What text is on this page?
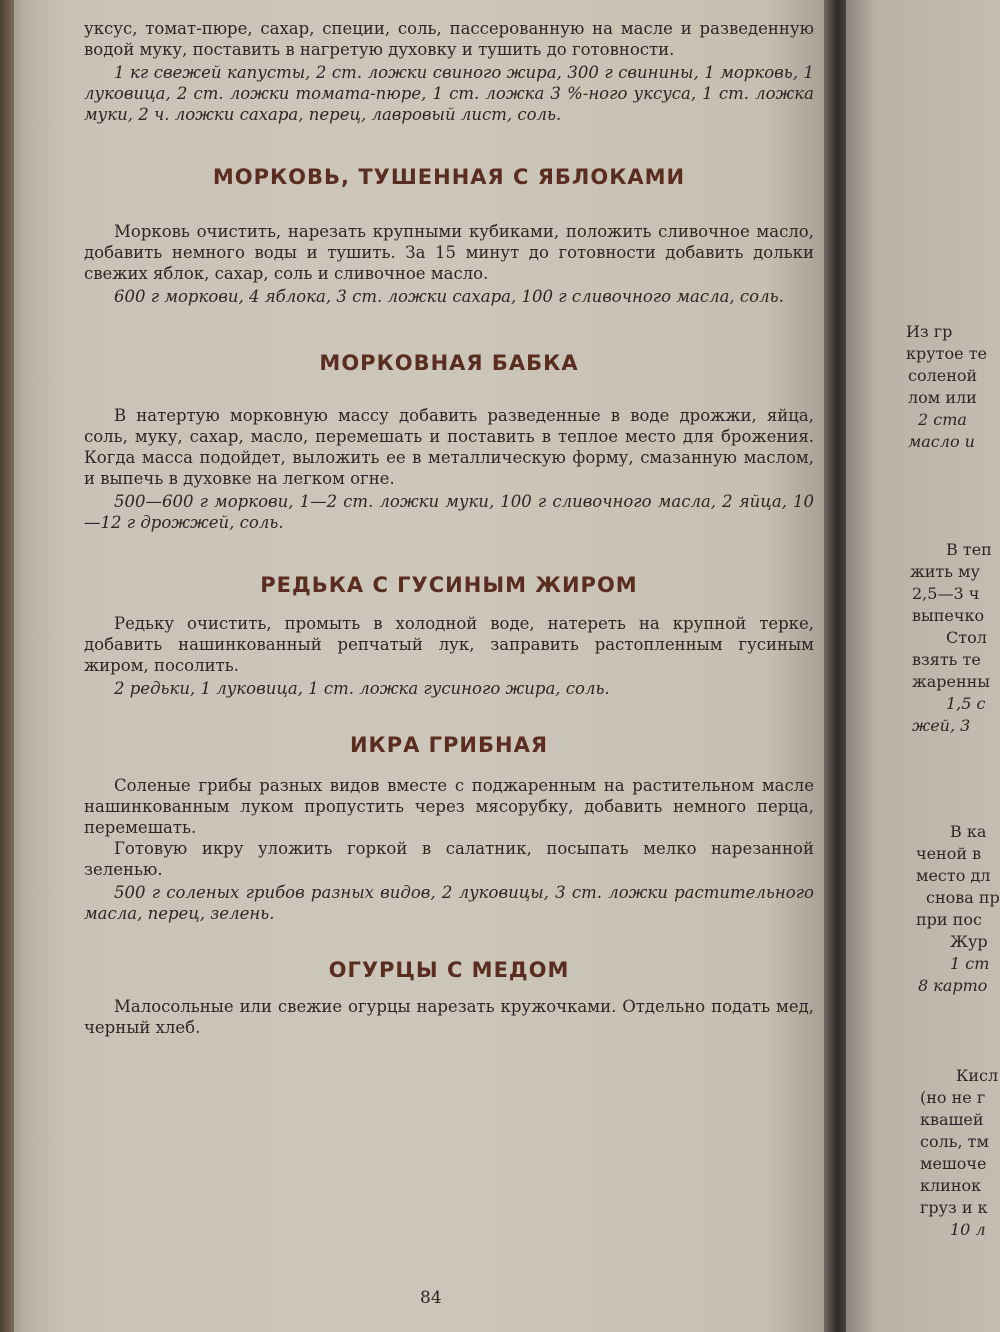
уксус, томат-пюре, сахар, специи, соль, пассерованную на масле и разведенную водой муку, поставить в нагретую духовку и тушить до готовности.

1 кг свежей капусты, 2 ст. ложки свиного жира, 300 г свинины, 1 морковь, 1 луковица, 2 ст. ложки томата-пюре, 1 ст. ложка 3 %-ного уксуса, 1 ст. ложка муки, 2 ч. ложки сахара, перец, лавровый лист, соль.

МОРКОВЬ, ТУШЕННАЯ С ЯБЛОКАМИ

Морковь очистить, нарезать крупными кубиками, положить сливочное масло, добавить немного воды и тушить. За 15 минут до готовности добавить дольки свежих яблок, сахар, соль и сливочное масло.

600 г моркови, 4 яблока, 3 ст. ложки сахара, 100 г сливочного масла, соль.

МОРКОВНАЯ БАБКА

В натертую морковную массу добавить разведенные в воде дрожжи, яйца, соль, муку, сахар, масло, перемешать и поставить в теплое место для брожения. Когда масса подойдет, выложить ее в металлическую форму, смазанную маслом, и выпечь в духовке на легком огне.

500—600 г моркови, 1—2 ст. ложки муки, 100 г сливочного масла, 2 яйца, 10—12 г дрожжей, соль.

РЕДЬКА С ГУСИНЫМ ЖИРОМ

Редьку очистить, промыть в холодной воде, натереть на крупной терке, добавить нашинкованный репчатый лук, заправить растопленным гусиным жиром, посолить.

2 редьки, 1 луковица, 1 ст. ложка гусиного жира, соль.

ИКРА ГРИБНАЯ

Соленые грибы разных видов вместе с поджаренным на растительном масле нашинкованным луком пропустить через мясорубку, добавить немного перца, перемешать.

Готовую икру уложить горкой в салатник, посыпать мелко нарезанной зеленью.

500 г соленых грибов разных видов, 2 луковицы, 3 ст. ложки растительного масла, перец, зелень.

ОГУРЦЫ С МЕДОМ

Малосольные или свежие огурцы нарезать кружочками. Отдельно подать мед, черный хлеб.

84
Из гр
крутое те
соленой
лом или
2 ста
масло и
В теп
жить му
2,5—3 ч
выпечко
Стол
взять те
жаренны
1,5 с
жей, 3
В ка
ченой в
место дл
снова пр
при пос
Жур
1 ст
8 карто
Кисл
(но не г
квашей
соль, тм
мешоче
клинок
груз и к
10 л
